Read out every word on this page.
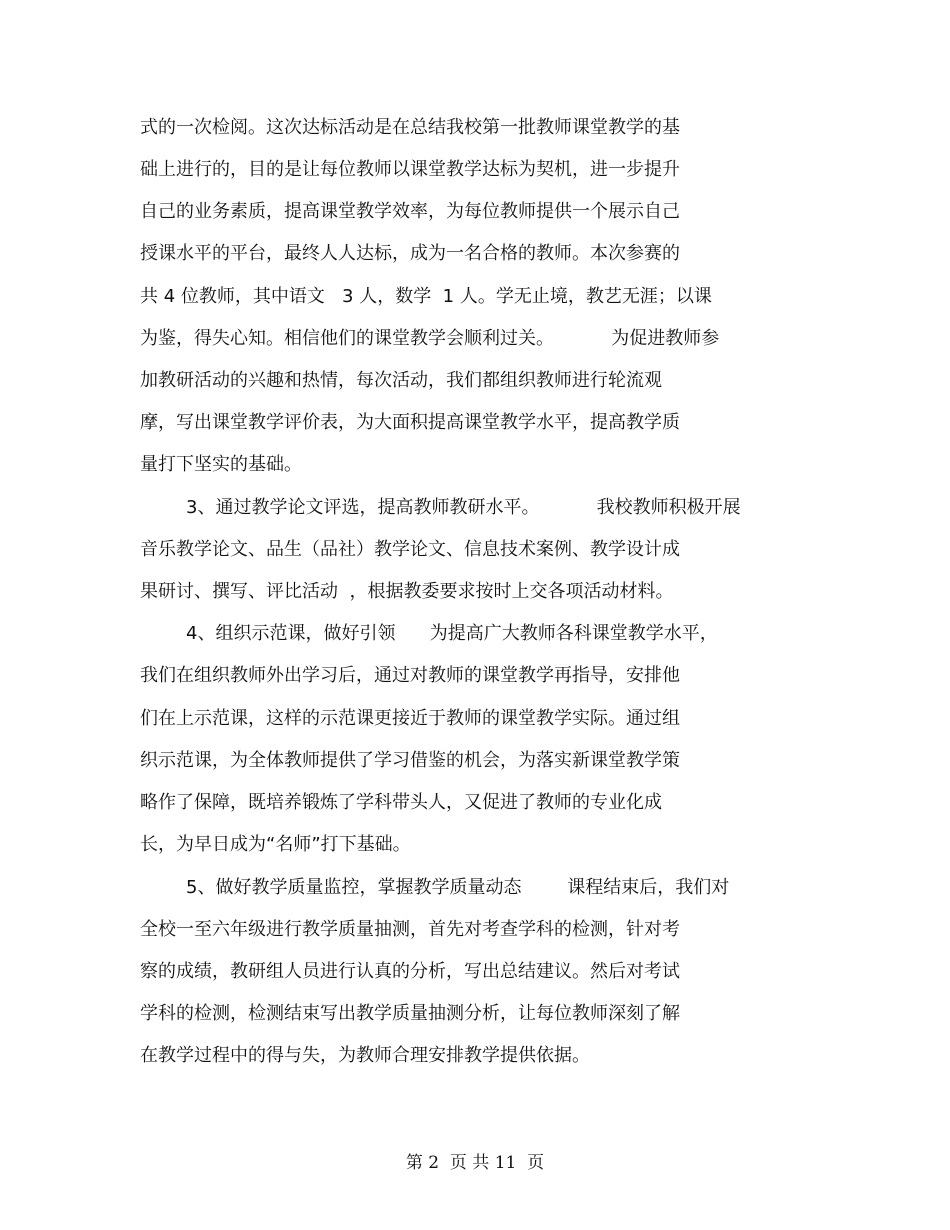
式的一次检阅。这次达标活动是在总结我校第一批教师课堂教学的基
础上进行的，目的是让每位教师以课堂教学达标为契机，进一步提升
自己的业务素质，提高课堂教学效率，为每位教师提供一个展示自己
授课水平的平台，最终人人达标，成为一名合格的教师。本次参赛的
共 4 位教师，其中语文   3 人，数学  1 人。学无止境，教艺无涯；以课
为鉴，得失心知。相信他们的课堂教学会顺利过关。          为促进教师参
加教研活动的兴趣和热情，每次活动，我们都组织教师进行轮流观
摩，写出课堂教学评价表，为大面积提高课堂教学水平，提高教学质
量打下坚实的基础。
3、通过教学论文评选，提高教师教研水平。          我校教师积极开展
音乐教学论文、品生（品社）教学论文、信息技术案例、教学设计成
果研讨、撰写、评比活动  ，根据教委要求按时上交各项活动材料。
4、组织示范课，做好引领      为提高广大教师各科课堂教学水平，
我们在组织教师外出学习后，通过对教师的课堂教学再指导，安排他
们在上示范课，这样的示范课更接近于教师的课堂教学实际。通过组
织示范课，为全体教师提供了学习借鉴的机会，为落实新课堂教学策
略作了保障，既培养锻炼了学科带头人，又促进了教师的专业化成
长，为早日成为“名师”打下基础。
5、做好教学质量监控，掌握教学质量动态        课程结束后，我们对
全校一至六年级进行教学质量抽测，首先对考查学科的检测，针对考
察的成绩，教研组人员进行认真的分析，写出总结建议。然后对考试
学科的检测，检测结束写出教学质量抽测分析，让每位教师深刻了解
在教学过程中的得与失，为教师合理安排教学提供依据。
第 2  页 共 11  页
